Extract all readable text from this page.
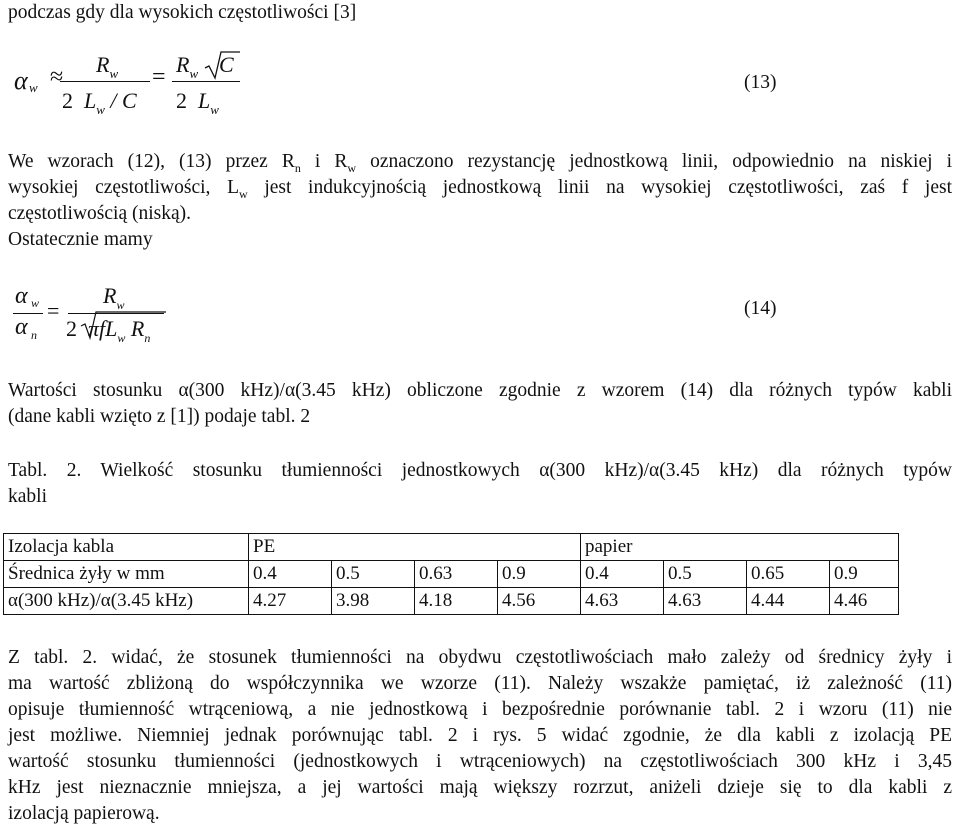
podczas gdy dla wysokich częstotliwości [3]
α $w \approx R_w$
2 $L_w$ / C
= $R_w$ C
2 $L_w$
(13)
We wzorach (12), (13) przez $R_n$ i $R_w$ oznaczono rezystancję jednostkową linii, odpowiednio na niskiej i
wysokiej częstotliwości, $L_w$ jest indukcyjnością jednostkową linii na wysokiej częstotliwości, zaś f jest
częstotliwością (niską).
Ostatecznie mamy
α w
α n
=
$R_w$
2 πfL$_w$ $R_n$
(14)
Wartości stosunku α(300 kHz)/α(3.45 kHz) obliczone zgodnie z wzorem (14) dla różnych typów kabli
(dane kabli wzięto z [1]) podaje tabl. 2
Tabl. 2. Wielkość stosunku tłumienności jednostkowych α(300 kHz)/α(3.45 kHz) dla różnych typów
kabli
Izolacja kabla	PE				papier			
Średnica żyły w mm	0.4	0.5	0.63	0.9	0.4	0.5	0.65	0.9
α(300 kHz)/α(3.45 kHz)	4.27	3.98	4.18	4.56	4.63	4.63	4.44	4.46
Z tabl. 2. widać, że stosunek tłumienności na obydwu częstotliwościach mało zależy od średnicy żyły i
ma wartość zbliżoną do współczynnika we wzorze (11). Należy wszakże pamiętać, iż zależność (11)
opisuje tłumienność wtrąceniową, a nie jednostkową i bezpośrednie porównanie tabl. 2 i wzoru (11) nie
jest możliwe. Niemniej jednak porównując tabl. 2 i rys. 5 widać zgodnie, że dla kabli z izolacją PE
wartość stosunku tłumienności (jednostkowych i wtrąceniowych) na częstotliwościach 300 kHz i 3,45
kHz jest nieznacznie mniejsza, a jej wartości mają większy rozrzut, anіżeli dzieje się to dla kabli z
izolacją papierową.
